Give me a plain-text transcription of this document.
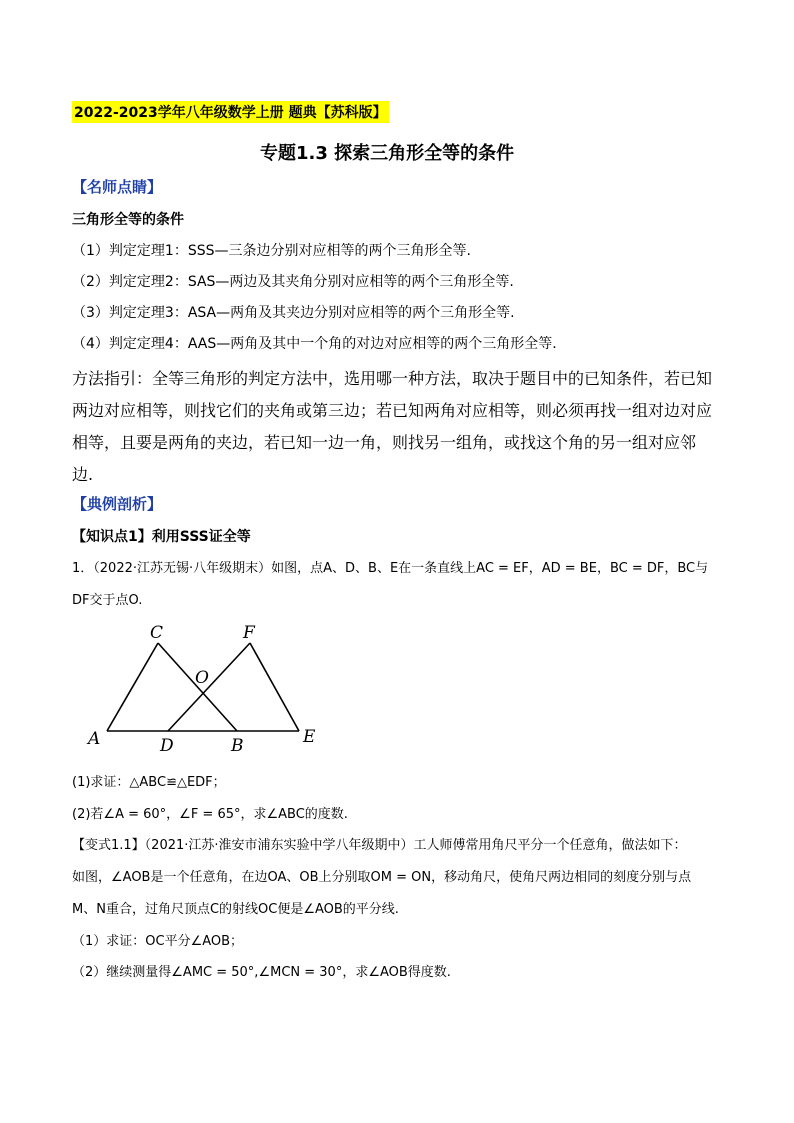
2022-2023学年八年级数学上册 题典【苏科版】
专题1.3 探索三角形全等的条件
【名师点睛】
三角形全等的条件
（1）判定定理1：SSS—三条边分别对应相等的两个三角形全等.
（2）判定定理2：SAS—两边及其夹角分别对应相等的两个三角形全等.
（3）判定定理3：ASA—两角及其夹边分别对应相等的两个三角形全等.
（4）判定定理4：AAS—两角及其中一个角的对边对应相等的两个三角形全等.
方法指引：全等三角形的判定方法中，选用哪一种方法，取决于题目中的已知条件，若已知
两边对应相等，则找它们的夹角或第三边；若已知两角对应相等，则必须再找一组对边对应
相等，且要是两角的夹边，若已知一边一角，则找另一组角，或找这个角的另一组对应邻
边.
【典例剖析】
【知识点1】利用SSS证全等
1．（2022·江苏无锡·八年级期末）如图，点A、D、B、E在一条直线上AC = EF，AD = BE，BC = DF，BC与
DF交于点O.
C	F
O
A	D	B	E
(1)求证：△ABC≌△EDF；
(2)若∠A = 60°，∠F = 65°，求∠ABC的度数.
【变式1.1】（2021·江苏·淮安市浦东实验中学八年级期中）工人师傅常用角尺平分一个任意角，做法如下：
如图，∠AOB是一个任意角，在边OA、OB上分别取OM = ON，移动角尺，使角尺两边相同的刻度分别与点
M、N重合，过角尺顶点C的射线OC便是∠AOB的平分线.
（1）求证：OC平分∠AOB；
（2）继续测量得∠AMC = 50°,∠MCN = 30°，求∠AOB得度数.
